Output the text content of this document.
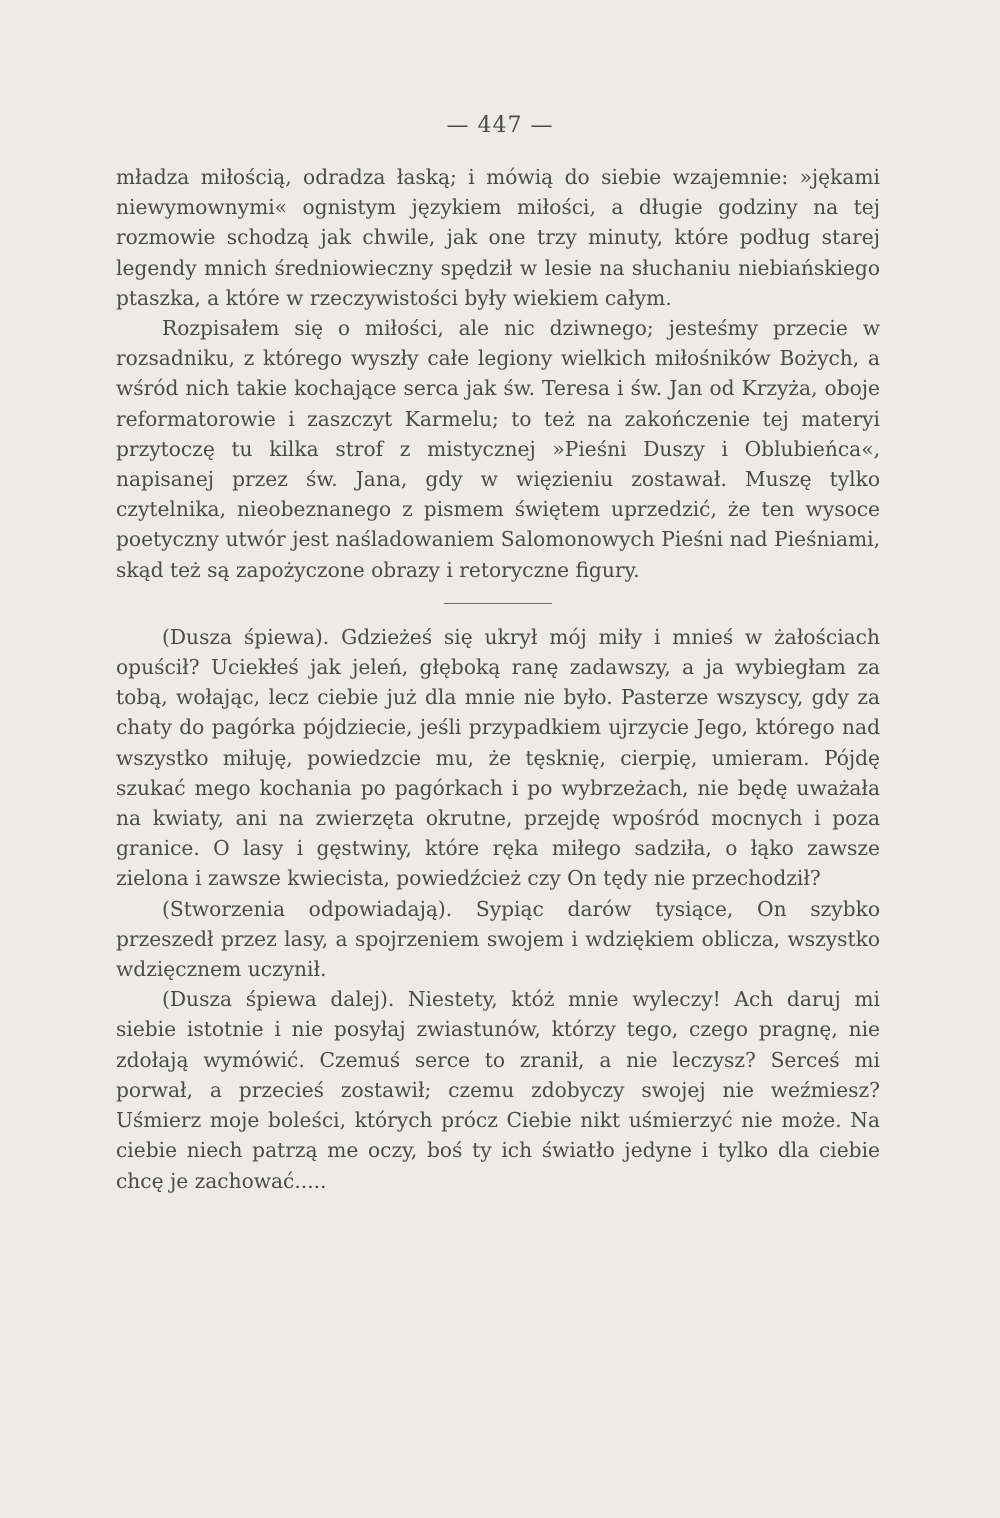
— 447 —

mładza miłością, odradza łaską; i mówią do siebie wzajemnie: »jękami niewymownymi« ognistym językiem miłości, a długie godziny na tej rozmowie schodzą jak chwile, jak one trzy minuty, które podług starej legendy mnich średniowieczny spędził w lesie na słuchaniu niebiańskiego ptaszka, a które w rzeczywistości były wiekiem całym.

Rozpisałem się o miłości, ale nic dziwnego; jesteśmy przecie w rozsadniku, z którego wyszły całe legiony wielkich miłośników Bożych, a wśród nich takie kochające serca jak św. Teresa i św. Jan od Krzyża, oboje reformatorowie i zaszczyt Karmelu; to też na zakończenie tej materyi przytoczę tu kilka strof z mistycznej »Pieśni Duszy i Oblubieńca«, napisanej przez św. Jana, gdy w więzieniu zostawał. Muszę tylko czytelnika, nieobeznanego z pismem świętem uprzedzić, że ten wysoce poetyczny utwór jest naśladowaniem Salomonowych Pieśni nad Pieśniami, skąd też są zapożyczone obrazy i retoryczne figury.

(Dusza śpiewa). Gdzieżeś się ukrył mój miły i mnieś w żałościach opuścił? Uciekłeś jak jeleń, głęboką ranę zadawszy, a ja wybiegłam za tobą, wołając, lecz ciebie już dla mnie nie było. Pasterze wszyscy, gdy za chaty do pagórka pójdziecie, jeśli przypadkiem ujrzycie Jego, którego nad wszystko miłuję, powiedzcie mu, że tęsknię, cierpię, umieram. Pójdę szukać mego kochania po pagórkach i po wybrzeżach, nie będę uważała na kwiaty, ani na zwierzęta okrutne, przejdę wpośród mocnych i poza granice. O lasy i gęstwiny, które ręka miłego sadziła, o łąko zawsze zielona i zawsze kwiecista, powiedźcież czy On tędy nie przechodził?

(Stworzenia odpowiadają). Sypiąc darów tysiące, On szybko przeszedł przez lasy, a spojrzeniem swojem i wdziękiem oblicza, wszystko wdzięcznem uczynił.

(Dusza śpiewa dalej). Niestety, któż mnie wyleczy! Ach daruj mi siebie istotnie i nie posyłaj zwiastunów, którzy tego, czego pragnę, nie zdołają wymówić. Czemuś serce to zranił, a nie leczysz? Serceś mi porwał, a przecieś zostawił; czemu zdobyczy swojej nie weźmiesz? Uśmierz moje boleści, których prócz Ciebie nikt uśmierzyć nie może. Na ciebie niech patrzą me oczy, boś ty ich światło jedyne i tylko dla ciebie chcę je zachować.....
